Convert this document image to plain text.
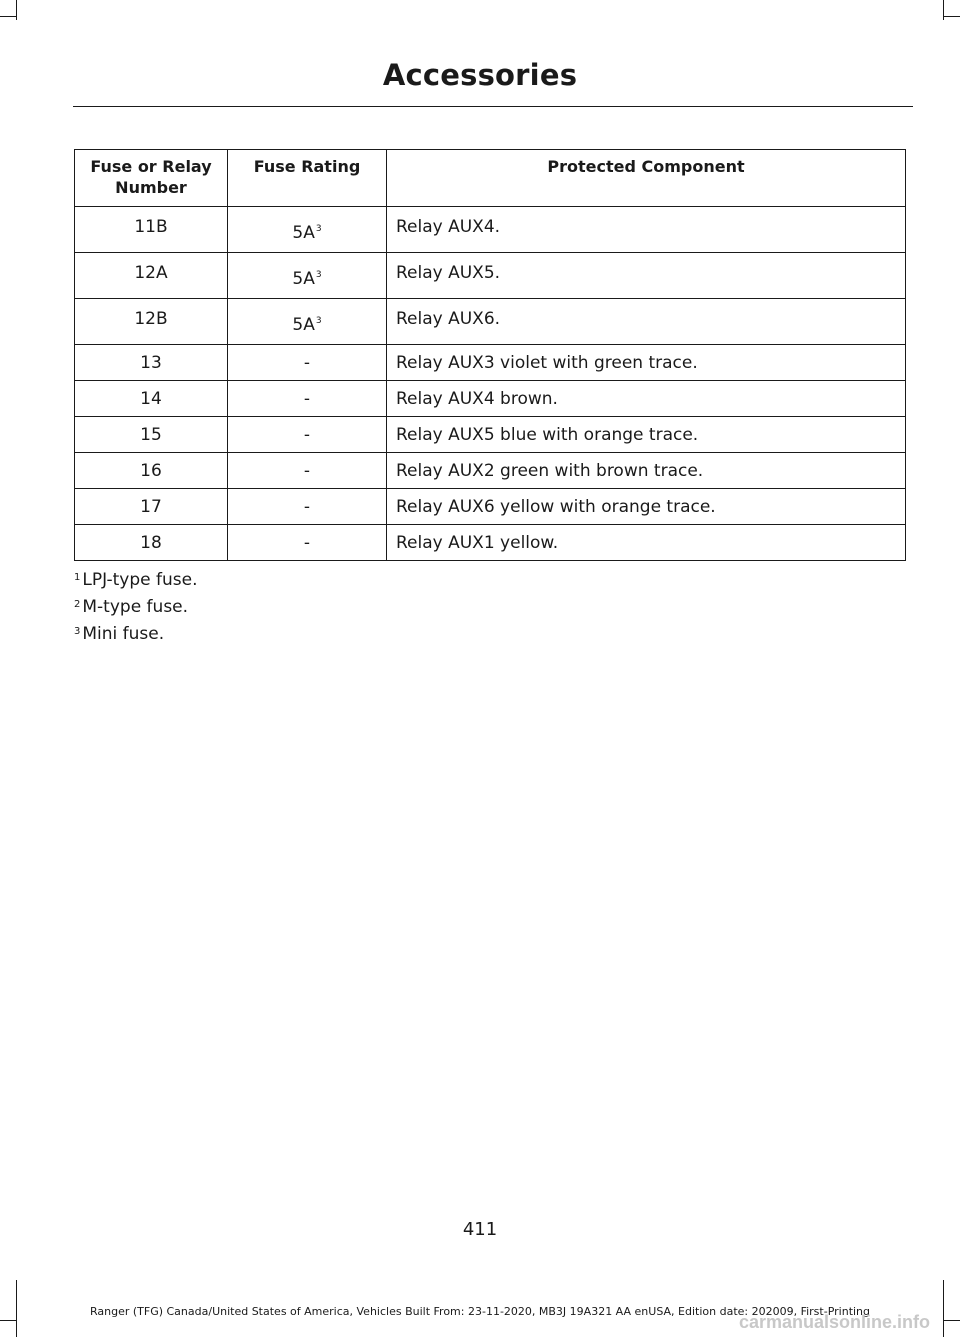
Accessories
Fuse or Relay Number	Fuse Rating	Protected Component
11B	$5A^3$	Relay AUX4.
12A	$5A^3$	Relay AUX5.
12B	$5A^3$	Relay AUX6.
13	-	Relay AUX3 violet with green trace.
14	-	Relay AUX4 brown.
15	-	Relay AUX5 blue with orange trace.
16	-	Relay AUX2 green with brown trace.
17	-	Relay AUX6 yellow with orange trace.
18	-	Relay AUX1 yellow.
$^1$ LPJ-type fuse.
$^2$ M-type fuse.
$^3$ Mini fuse.
411
Ranger (TFG) Canada/United States of America, Vehicles Built From: 23-11-2020, MB3J 19A321 AA enUSA, Edition date: 202009, First-Printing
carmanualsonline.info
